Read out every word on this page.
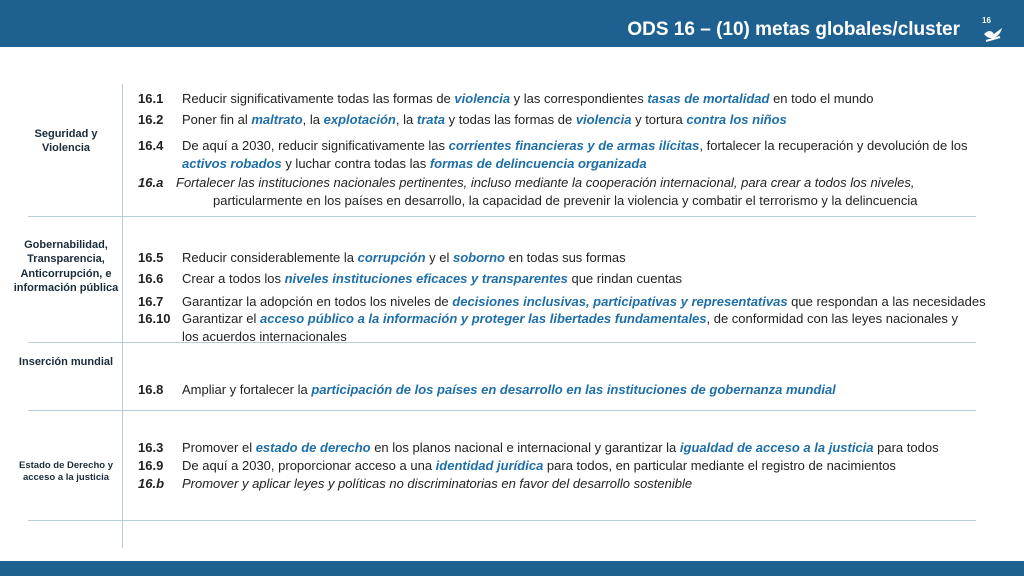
ODS 16 – (10) metas globales/cluster	16
Seguridad y Violencia
Gobernabilidad, Transparencia, Anticorrupción, e información pública
Inserción mundial
Estado de Derecho y acceso a la justicia
16.1 Reducir significativamente todas las formas de violencia y las correspondientes tasas de mortalidad en todo el mundo
16.2 Poner fin al maltrato, la explotación, la trata y todas las formas de violencia y tortura contra los niños
16.4 De aquí a 2030, reducir significativamente las corrientes financieras y de armas ilícitas, fortalecer la recuperación y devolución de los activos robados y luchar contra todas las formas de delincuencia organizada
16.a Fortalecer las instituciones nacionales pertinentes, incluso mediante la cooperación internacional, para crear a todos los niveles,
particularmente en los países en desarrollo, la capacidad de prevenir la violencia y combatir el terrorismo y la delincuencia
16.5 Reducir considerablemente la corrupción y el soborno en todas sus formas
16.6 Crear a todos los niveles instituciones eficaces y transparentes que rindan cuentas
16.7 Garantizar la adopción en todos los niveles de decisiones inclusivas, participativas y representativas que respondan a las necesidades
16.10 Garantizar el acceso público a la información y proteger las libertades fundamentales, de conformidad con las leyes nacionales y los acuerdos internacionales
16.8 Ampliar y fortalecer la participación de los países en desarrollo en las instituciones de gobernanza mundial
16.3 Promover el estado de derecho en los planos nacional e internacional y garantizar la igualdad de acceso a la justicia para todos
16.9 De aquí a 2030, proporcionar acceso a una identidad jurídica para todos, en particular mediante el registro de nacimientos
16.b Promover y aplicar leyes y políticas no discriminatorias en favor del desarrollo sostenible
